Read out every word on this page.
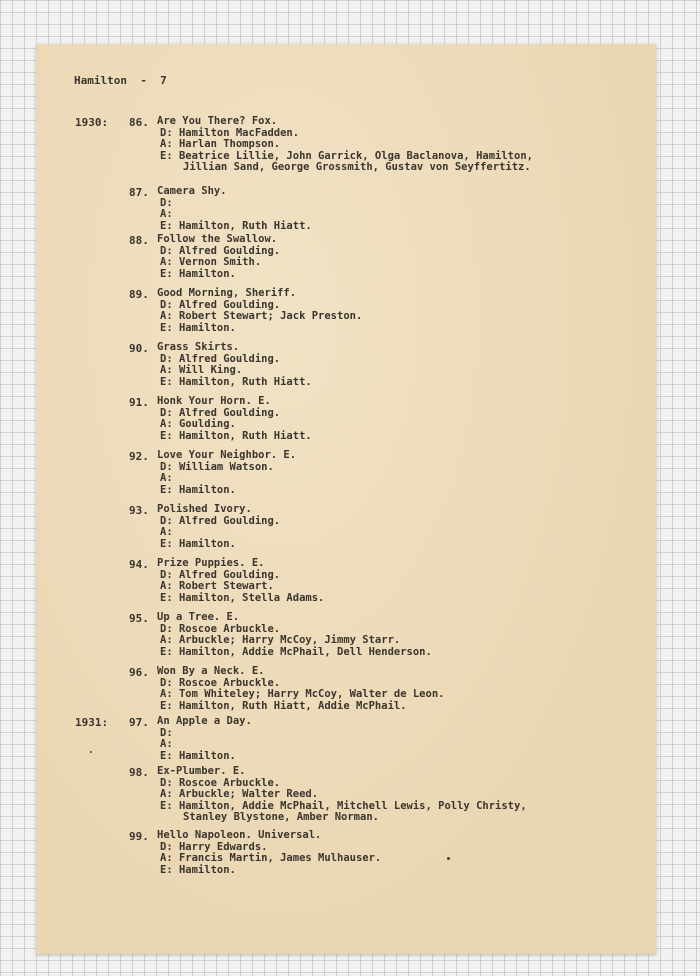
Hamilton  -  7
1930: 86. Are You There? Fox.
D: Hamilton MacFadden.
A: Harlan Thompson.
E: Beatrice Lillie, John Garrick, Olga Baclanova, Hamilton,
Jillian Sand, George Grossmith, Gustav von Seyffertitz.
87. Camera Shy.
D:
A:
E: Hamilton, Ruth Hiatt.
88. Follow the Swallow.
D: Alfred Goulding.
A: Vernon Smith.
E: Hamilton.
89. Good Morning, Sheriff.
D: Alfred Goulding.
A: Robert Stewart; Jack Preston.
E: Hamilton.
90. Grass Skirts.
D: Alfred Goulding.
A: Will King.
E: Hamilton, Ruth Hiatt.
91. Honk Your Horn. E.
D: Alfred Goulding.
A: Goulding.
E: Hamilton, Ruth Hiatt.
92. Love Your Neighbor. E.
D: William Watson.
A:
E: Hamilton.
93. Polished Ivory.
D: Alfred Goulding.
A:
E: Hamilton.
94. Prize Puppies. E.
D: Alfred Goulding.
A: Robert Stewart.
E: Hamilton, Stella Adams.
95. Up a Tree. E.
D: Roscoe Arbuckle.
A: Arbuckle; Harry McCoy, Jimmy Starr.
E: Hamilton, Addie McPhail, Dell Henderson.
96. Won By a Neck. E.
D: Roscoe Arbuckle.
A: Tom Whiteley; Harry McCoy, Walter de Leon.
E: Hamilton, Ruth Hiatt, Addie McPhail.
1931: 97. An Apple a Day.
D:
A:
E: Hamilton.
98. Ex-Plumber. E.
D: Roscoe Arbuckle.
A: Arbuckle; Walter Reed.
E: Hamilton, Addie McPhail, Mitchell Lewis, Polly Christy,
Stanley Blystone, Amber Norman.
99. Hello Napoleon. Universal.
D: Harry Edwards.
A: Francis Martin, James Mulhauser.
E: Hamilton.
